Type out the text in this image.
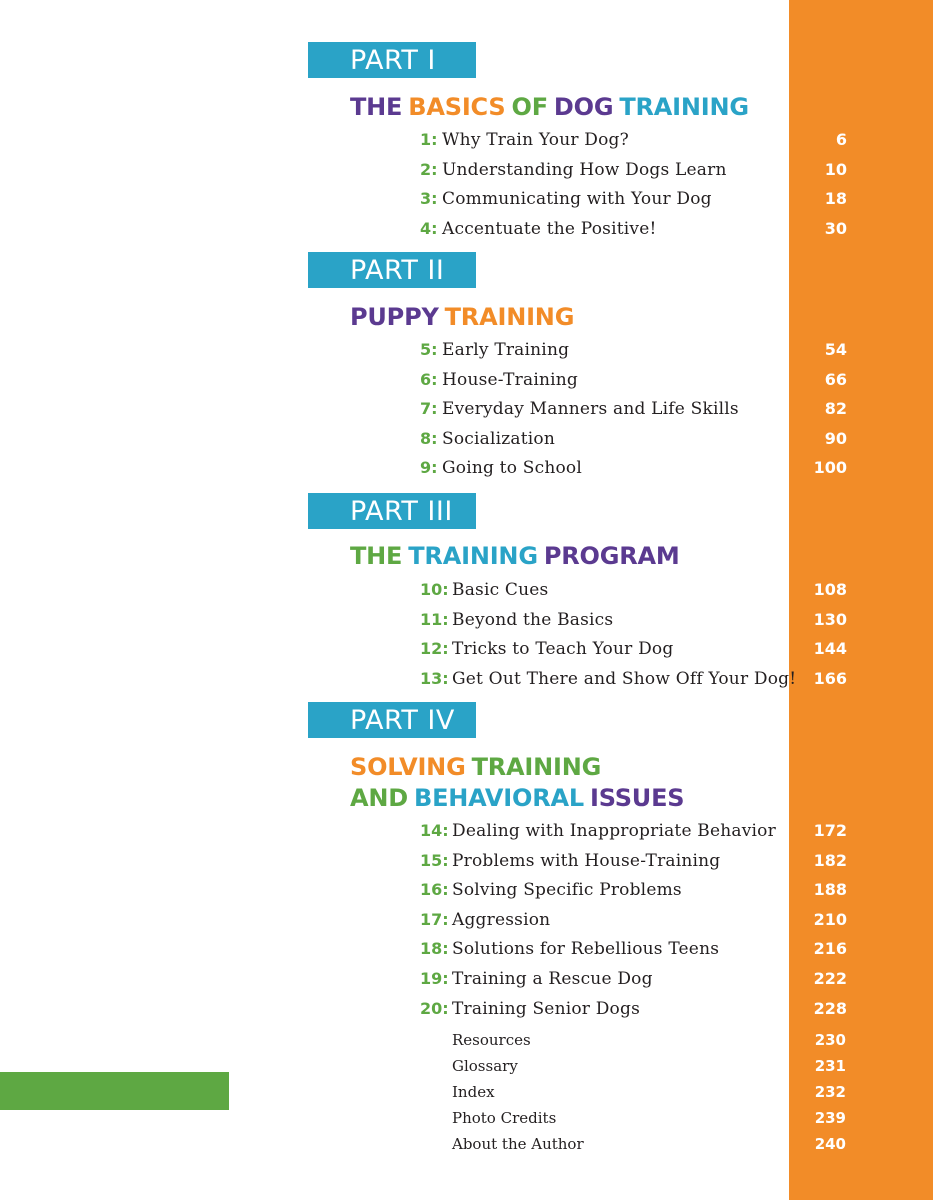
PART I
THE BASICS OF DOG TRAINING
1: Why Train Your Dog?	6
2: Understanding How Dogs Learn	10
3: Communicating with Your Dog	18
4: Accentuate the Positive!	30
PART II
PUPPY TRAINING
5: Early Training	54
6: House-Training	66
7: Everyday Manners and Life Skills	82
8: Socialization	90
9: Going to School	100
PART III
THE TRAINING PROGRAM
10: Basic Cues	108
11: Beyond the Basics	130
12: Tricks to Teach Your Dog	144
13: Get Out There and Show Off Your Dog!	166
PART IV
SOLVING TRAINING
AND BEHAVIORAL ISSUES
14: Dealing with Inappropriate Behavior	172
15: Problems with House-Training	182
16: Solving Specific Problems	188
17: Aggression	210
18: Solutions for Rebellious Teens	216
19: Training a Rescue Dog	222
20: Training Senior Dogs	228
Resources	230
Glossary	231
Index	232
Photo Credits	239
About the Author	240
